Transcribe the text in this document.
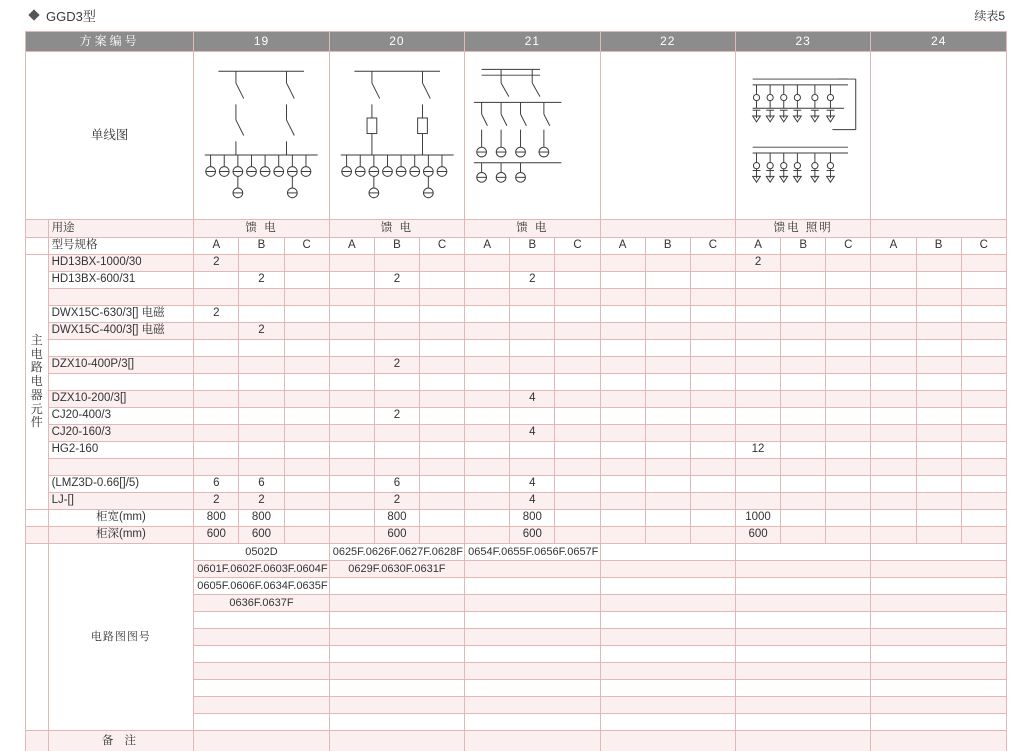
GGD3型	续表5
方案编号		19			20			21			22			23			24		
单线图	

	用途	馈 电			馈 电			馈 电						馈电 照明					
	型号规格	A	B	C	A	B	C	A	B	C	A	B	C	A	B	C	A	B	C
主 电 路 电 器 元 件	HD13BX-1000/30	2												2					
	HD13BX-600/31		2			2			2										

	DWX15C-630/3[] 电磁	2																	
	DWX15C-400/3[] 电磁		2																

	DZX10-400P/3[]					2													

	DZX10-200/3[]								4										
	CJ20-400/3					2													
	CJ20-160/3								4										
	HG2-160													12					

	(LMZ3D-0.66[]/5)	6	6			6			4										
	LJ-[]	2	2			2			4										
	柜宽(mm)	800	800			800			800					1000					
	柜深(mm)	600	600			600			600					600					
	电路图图号	0502D			0625F.0626F.0627F.0628F			0654F.0655F.0656F.0657F											
		0601F.0602F.0603F.0604F			0629F.0630F.0631F														
		0605F.0606F.0634F.0635F																	
		0636F.0637F																	

	备 注																		
